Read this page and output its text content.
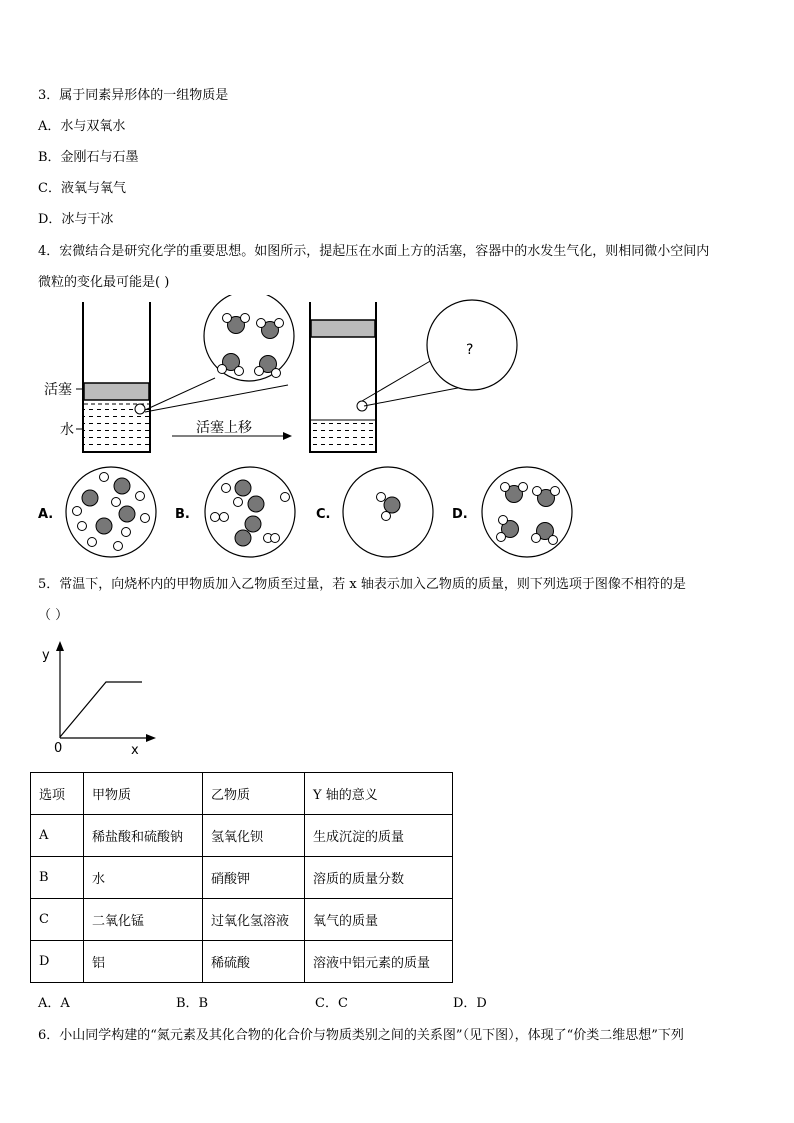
3．属于同素异形体的一组物质是
A．水与双氧水
B．金刚石与石墨
C．液氧与氧气
D．冰与干冰
4．宏微结合是研究化学的重要思想。如图所示，提起压在水面上方的活塞，容器中的水发生气化，则相同微小空间内
微粒的变化最可能是( )
活塞
水	活塞上移
?
A.	B.	C.	D.
5．常温下，向烧杯内的甲物质加入乙物质至过量，若 x 轴表示加入乙物质的质量，则下列选项于图像不相符的是
（ ）
y
x
0
选项	甲物质	乙物质	Y 轴的意义
A	稀盐酸和硫酸钠	氢氧化钡	生成沉淀的质量
B	水	硝酸钾	溶质的质量分数
C	二氧化锰	过氧化氢溶液	氧气的质量
D	铝	稀硫酸	溶液中铝元素的质量
A．A	B．B	C．C	D．D
6．小山同学构建的“氮元素及其化合物的化合价与物质类别之间的关系图”（见下图），体现了“价类二维思想”下列
